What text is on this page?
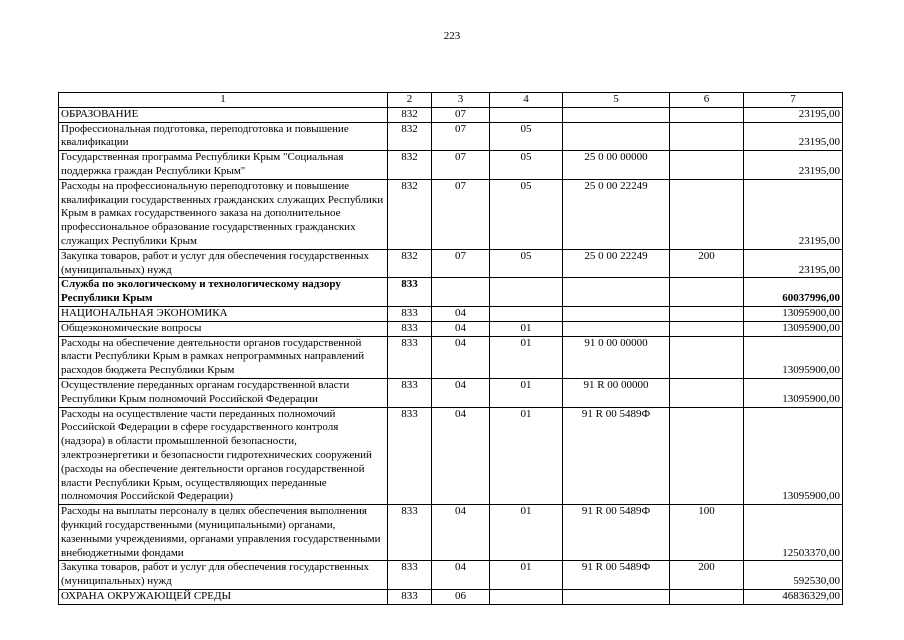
223
1	2	3	4	5	6	7
ОБРАЗОВАНИЕ	832	07				23195,00
Профессиональная подготовка, переподготовка и повышение квалификации	832	07	05			23195,00
Государственная программа Республики Крым "Социальная поддержка граждан Республики Крым"	832	07	05	25 0 00 00000		23195,00
Расходы на профессиональную переподготовку и повышение квалификации государственных гражданских служащих Республики Крым в рамках государственного заказа на дополнительное профессиональное образование государственных гражданских служащих Республики Крым	832	07	05	25 0 00 22249		23195,00
Закупка товаров, работ и услуг для обеспечения государственных (муниципальных) нужд	832	07	05	25 0 00 22249	200	23195,00
Служба по экологическому и технологическому надзору Республики Крым	833					60037996,00
НАЦИОНАЛЬНАЯ ЭКОНОМИКА	833	04				13095900,00
Общеэкономические вопросы	833	04	01			13095900,00
Расходы на обеспечение деятельности органов государственной власти Республики Крым в рамках непрограммных направлений расходов бюджета Республики Крым	833	04	01	91 0 00 00000		13095900,00
Осуществление переданных органам государственной власти Республики Крым полномочий Российской Федерации	833	04	01	91 R 00 00000		13095900,00
Расходы на осуществление части переданных полномочий Российской Федерации в сфере государственного контроля (надзора) в области промышленной безопасности, электроэнергетики и безопасности гидротехнических сооружений (расходы на обеспечение деятельности органов государственной власти Республики Крым, осуществляющих переданные полномочия Российской Федерации)	833	04	01	91 R 00 5489Ф		13095900,00
Расходы на выплаты персоналу в целях обеспечения выполнения функций государственными (муниципальными) органами, казенными учреждениями, органами управления государственными внебюджетными фондами	833	04	01	91 R 00 5489Ф	100	12503370,00
Закупка товаров, работ и услуг для обеспечения государственных (муниципальных) нужд	833	04	01	91 R 00 5489Ф	200	592530,00
ОХРАНА ОКРУЖАЮЩЕЙ СРЕДЫ	833	06				46836329,00
